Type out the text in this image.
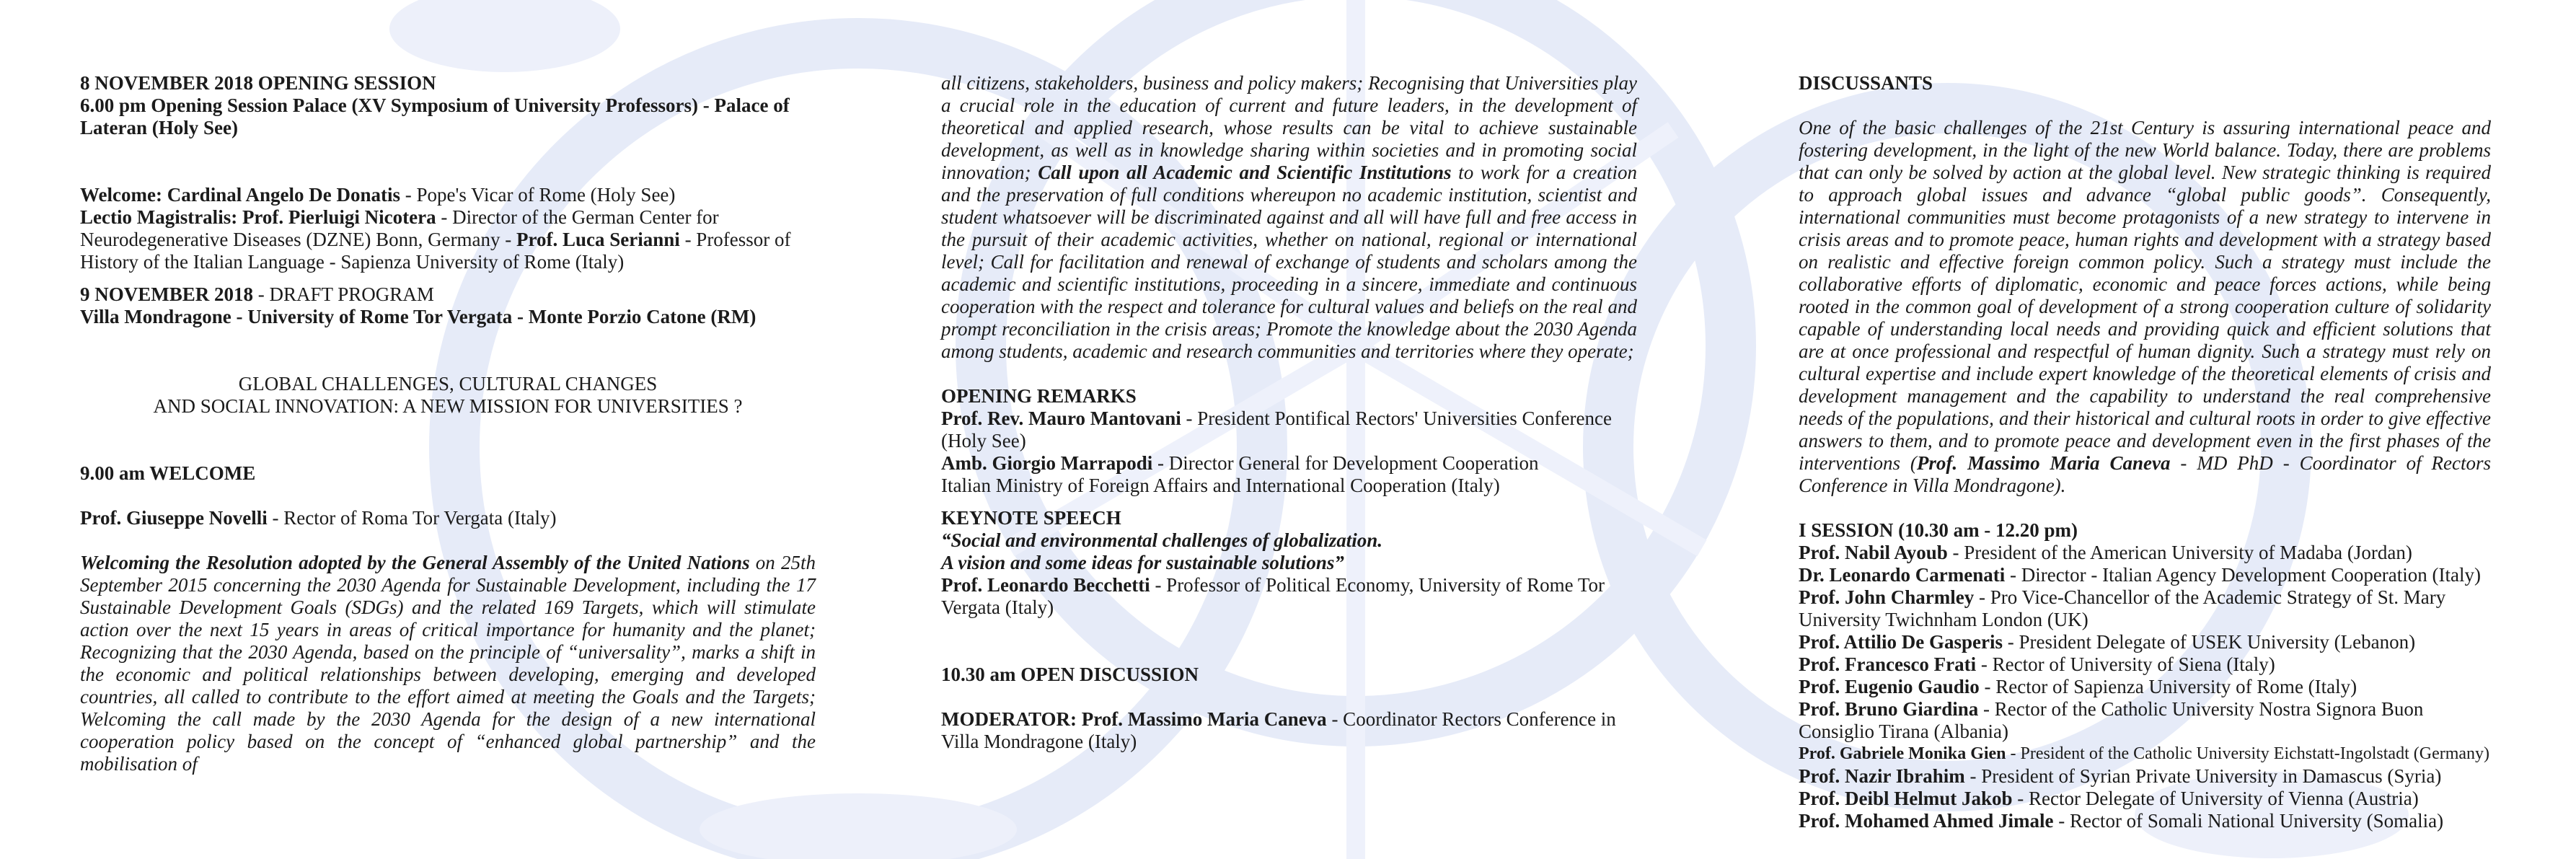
8 NOVEMBER 2018 OPENING SESSION

6.00 pm Opening Session Palace (XV Symposium of University Professors) - Palace of Lateran (Holy See)

Welcome: Cardinal Angelo De Donatis - Pope's Vicar of Rome (Holy See)

Lectio Magistralis: Prof. Pierluigi Nicotera - Director of the German Center for Neurodegenerative Diseases (DZNE) Bonn, Germany - Prof. Luca Serianni - Professor of History of the Italian Language - Sapienza University of Rome (Italy)

9 NOVEMBER 2018 - DRAFT PROGRAM

Villa Mondragone - University of Rome Tor Vergata - Monte Porzio Catone (RM)

GLOBAL CHALLENGES, CULTURAL CHANGES

AND SOCIAL INNOVATION: A NEW MISSION FOR UNIVERSITIES ?

9.00 am WELCOME

Prof. Giuseppe Novelli - Rector of Roma Tor Vergata (Italy)

Welcoming the Resolution adopted by the General Assembly of the United Nations on 25th September 2015 concerning the 2030 Agenda for Sustainable Development, including the 17 Sustainable Development Goals (SDGs) and the related 169 Targets, which will stimulate action over the next 15 years in areas of critical importance for humanity and the planet; Recognizing that the 2030 Agenda, based on the principle of “universality”, marks a shift in the economic and political relationships between developing, emerging and developed countries, all called to contribute to the effort aimed at meeting the Goals and the Targets; Welcoming the call made by the 2030 Agenda for the design of a new international cooperation policy based on the concept of “enhanced global partnership” and the mobilisation of

all citizens, stakeholders, business and policy makers; Recognising that Universities play a crucial role in the education of current and future leaders, in the development of theoretical and applied research, whose results can be vital to achieve sustainable development, as well as in knowledge sharing within societies and in promoting social innovation; Call upon all Academic and Scientific Institutions to work for a creation and the preservation of full conditions whereupon no academic institution, scientist and student whatsoever will be discriminated against and all will have full and free access in the pursuit of their academic activities, whether on national, regional or international level; Call for facilitation and renewal of exchange of students and scholars among the academic and scientific institutions, proceeding in a sincere, immediate and continuous cooperation with the respect and tolerance for cultural values and beliefs on the real and prompt reconciliation in the crisis areas; Promote the knowledge about the 2030 Agenda among students, academic and research communities and territories where they operate;

OPENING REMARKS

Prof. Rev. Mauro Mantovani - President Pontifical Rectors' Universities Conference (Holy See)

Amb. Giorgio Marrapodi - Director General for Development Cooperation

Italian Ministry of Foreign Affairs and International Cooperation (Italy)

KEYNOTE SPEECH

“Social and environmental challenges of globalization.

A vision and some ideas for sustainable solutions”

Prof. Leonardo Becchetti - Professor of Political Economy, University of Rome Tor Vergata (Italy)

10.30 am OPEN DISCUSSION

MODERATOR: Prof. Massimo Maria Caneva - Coordinator Rectors Conference in Villa Mondragone (Italy)

DISCUSSANTS

One of the basic challenges of the 21st Century is assuring international peace and fostering development, in the light of the new World balance. Today, there are problems that can only be solved by action at the global level. New strategic thinking is required to approach global issues and advance “global public goods”. Consequently, international communities must become protagonists of a new strategy to intervene in crisis areas and to promote peace, human rights and development with a strategy based on realistic and effective foreign common policy. Such a strategy must include the collaborative efforts of diplomatic, economic and peace forces actions, while being rooted in the common goal of development of a strong cooperation culture of solidarity capable of understanding local needs and providing quick and efficient solutions that are at once professional and respectful of human dignity. Such a strategy must rely on cultural expertise and include expert knowledge of the theoretical elements of crisis and development management and the capability to understand the real comprehensive needs of the populations, and their historical and cultural roots in order to give effective answers to them, and to promote peace and development even in the first phases of the interventions (Prof. Massimo Maria Caneva - MD PhD - Coordinator of Rectors Conference in Villa Mondragone).

I SESSION (10.30 am - 12.20 pm)

Prof. Nabil Ayoub - President of the American University of Madaba (Jordan)

Dr. Leonardo Carmenati - Director - Italian Agency Development Cooperation (Italy)

Prof. John Charmley - Pro Vice-Chancellor of the Academic Strategy of St. Mary University Twichnham London (UK)

Prof. Attilio De Gasperis - President Delegate of USEK University (Lebanon)

Prof. Francesco Frati - Rector of University of Siena (Italy)

Prof. Eugenio Gaudio - Rector of Sapienza University of Rome (Italy)

Prof. Bruno Giardina - Rector of the Catholic University Nostra Signora Buon Consiglio Tirana (Albania)

Prof. Gabriele Monika Gien - President of the Catholic University Eichstatt-Ingolstadt (Germany)

Prof. Nazir Ibrahim - President of Syrian Private University in Damascus (Syria)

Prof. Deibl Helmut Jakob - Rector Delegate of University of Vienna (Austria)

Prof. Mohamed Ahmed Jimale - Rector of Somali National University (Somalia)
